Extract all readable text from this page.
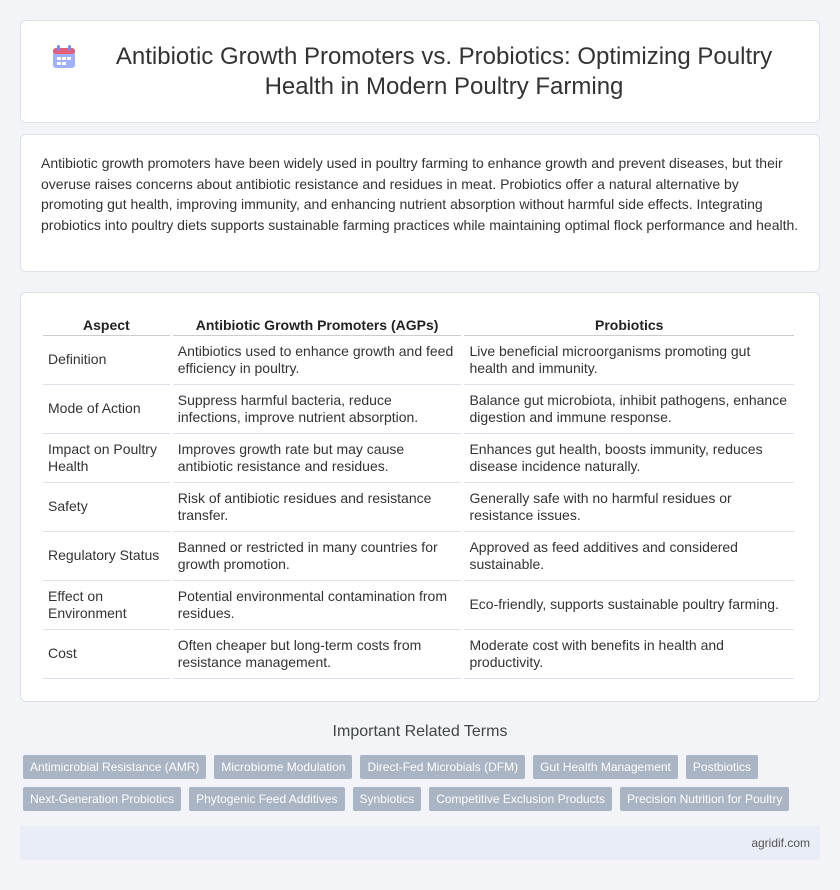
Antibiotic Growth Promoters vs. Probiotics: Optimizing Poultry Health in Modern Poultry Farming

Antibiotic growth promoters have been widely used in poultry farming to enhance growth and prevent diseases, but their overuse raises concerns about antibiotic resistance and residues in meat. Probiotics offer a natural alternative by promoting gut health, improving immunity, and enhancing nutrient absorption without harmful side effects. Integrating probiotics into poultry diets supports sustainable farming practices while maintaining optimal flock performance and health.

Aspect	Antibiotic Growth Promoters (AGPs)	Probiotics
Definition	Antibiotics used to enhance growth and feed efficiency in poultry.	Live beneficial microorganisms promoting gut health and immunity.
Mode of Action	Suppress harmful bacteria, reduce infections, improve nutrient absorption.	Balance gut microbiota, inhibit pathogens, enhance digestion and immune response.
Impact on Poultry Health	Improves growth rate but may cause antibiotic resistance and residues.	Enhances gut health, boosts immunity, reduces disease incidence naturally.
Safety	Risk of antibiotic residues and resistance transfer.	Generally safe with no harmful residues or resistance issues.
Regulatory Status	Banned or restricted in many countries for growth promotion.	Approved as feed additives and considered sustainable.
Effect on Environment	Potential environmental contamination from residues.	Eco-friendly, supports sustainable poultry farming.
Cost	Often cheaper but long-term costs from resistance management.	Moderate cost with benefits in health and productivity.
Important Related Terms
Antimicrobial Resistance (AMR)	Microbiome Modulation	Direct-Fed Microbials (DFM)	Gut Health Management	Postbiotics
Next-Generation Probiotics	Phytogenic Feed Additives	Synbiotics	Competitive Exclusion Products	Precision Nutrition for Poultry
agridif.com
